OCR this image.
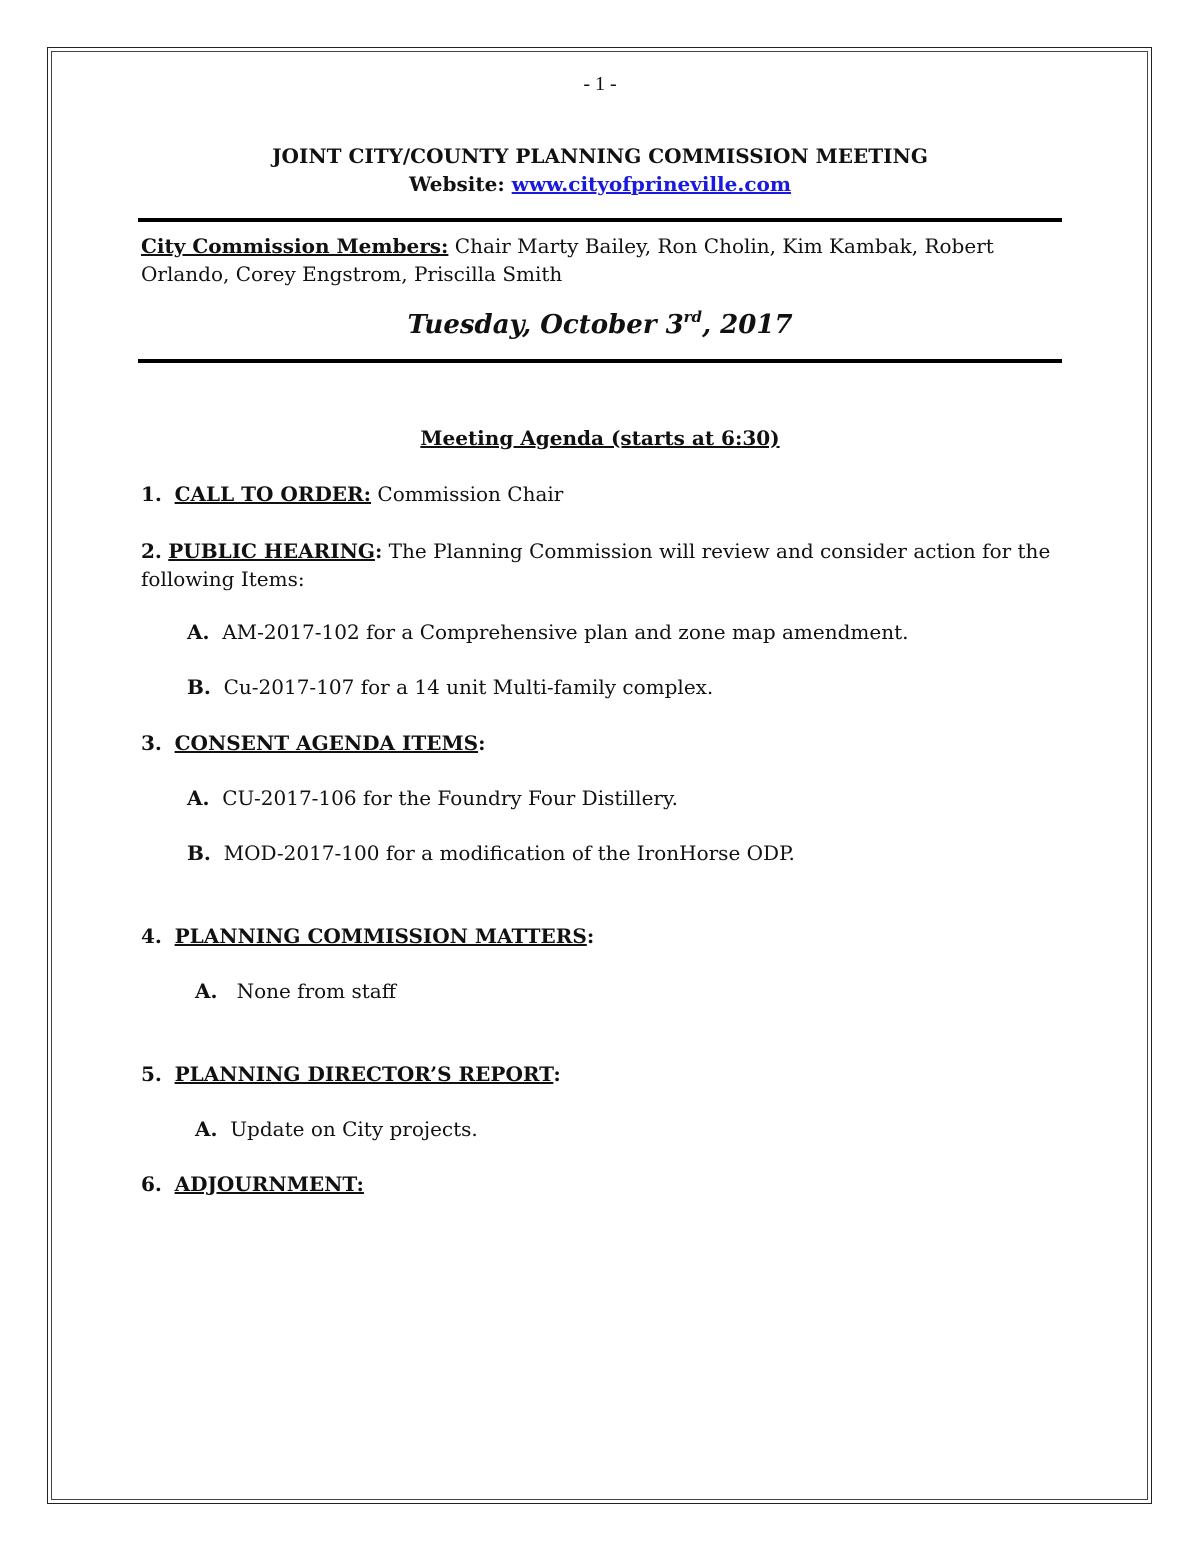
- 1 -
JOINT CITY/COUNTY PLANNING COMMISSION MEETING
Website: www.cityofprineville.com
City Commission Members: Chair Marty Bailey, Ron Cholin, Kim Kambak, Robert Orlando, Corey Engstrom, Priscilla Smith
Tuesday, October 3rd, 2017
Meeting Agenda (starts at 6:30)
1. CALL TO ORDER: Commission Chair
2. PUBLIC HEARING: The Planning Commission will review and consider action for the following Items:
A. AM-2017-102 for a Comprehensive plan and zone map amendment.
B. Cu-2017-107 for a 14 unit Multi-family complex.
3. CONSENT AGENDA ITEMS:
A. CU-2017-106 for the Foundry Four Distillery.
B. MOD-2017-100 for a modification of the IronHorse ODP.
4. PLANNING COMMISSION MATTERS:
A. None from staff
5. PLANNING DIRECTOR’S REPORT:
A. Update on City projects.
6. ADJOURNMENT:
